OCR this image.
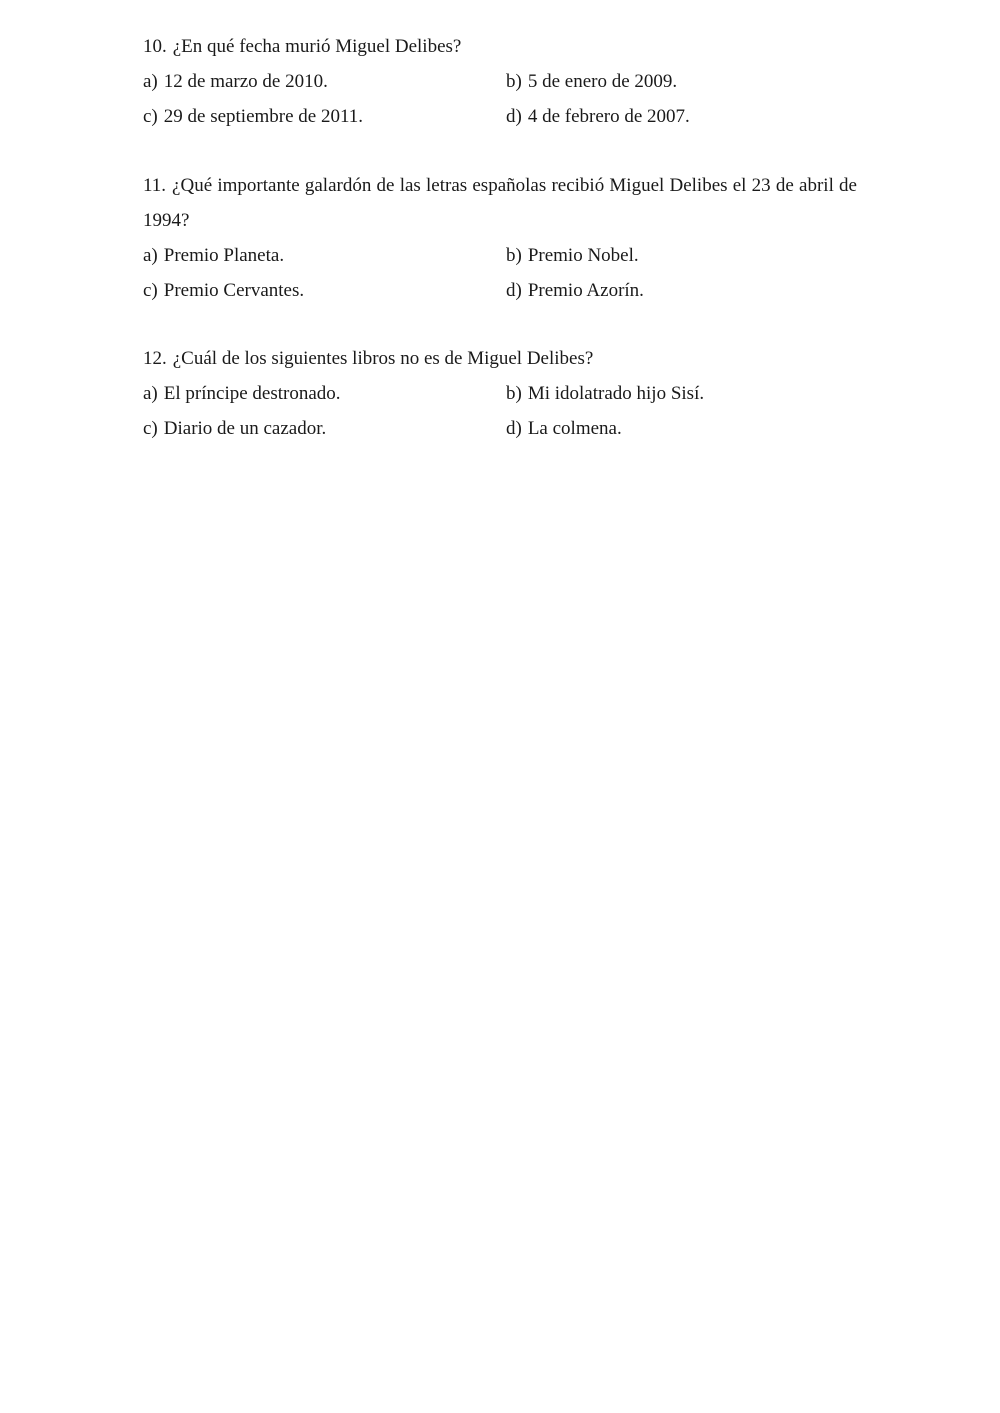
10. ¿En qué fecha murió Miguel Delibes?

a) 12 de marzo de 2010.	b) 5 de enero de 2009.
c) 29 de septiembre de 2011.	d) 4 de febrero de 2007.

11. ¿Qué importante galardón de las letras españolas recibió Miguel Delibes el 23 de abril de 1994?

a) Premio Planeta.	b) Premio Nobel.
c) Premio Cervantes.	d) Premio Azorín.

12. ¿Cuál de los siguientes libros no es de Miguel Delibes?

a) El príncipe destronado.	b) Mi idolatrado hijo Sisí.
c) Diario de un cazador.	d) La colmena.
